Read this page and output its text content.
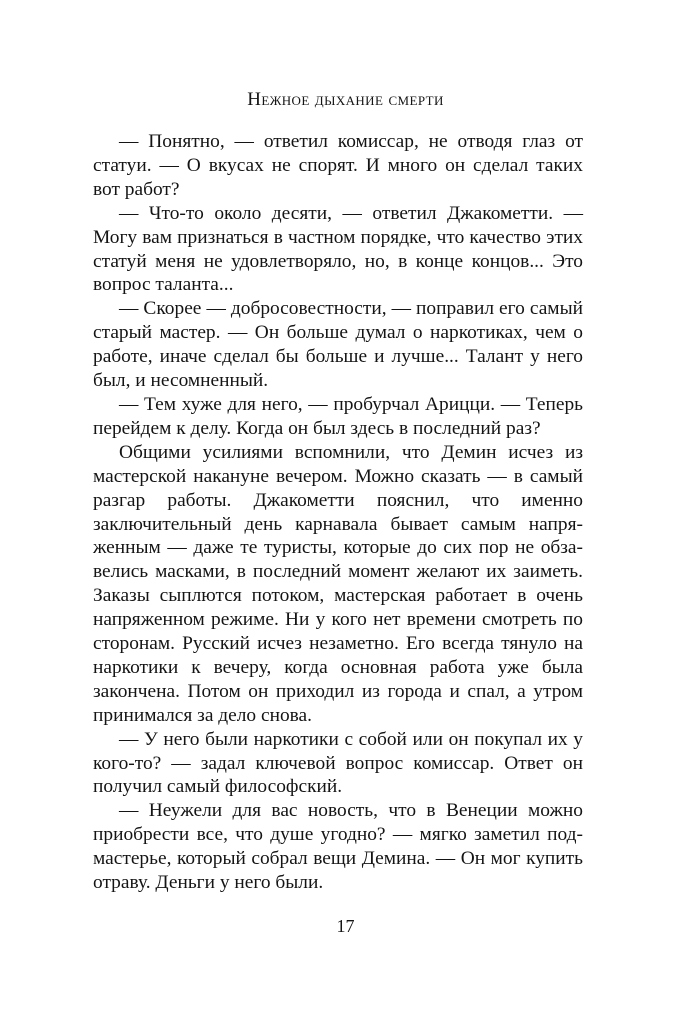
Нежное дыхание смерти

— Понятно, — ответил комиссар, не отводя глаз от статуи. — О вкусах не спорят. И много он сделал таких вот работ?

— Что-то около десяти, — ответил Джакометти. — Могу вам признаться в частном порядке, что качество этих статуй меня не удовлетворяло, но, в конце концов... Это вопрос таланта...

— Скорее — добросовестности, — поправил его самый старый мастер. — Он больше думал о наркотиках, чем о работе, иначе сделал бы больше и лучше... Талант у него был, и несомненный.

— Тем хуже для него, — пробурчал Арицци. — Теперь перейдем к делу. Когда он был здесь в последний раз?

Общими усилиями вспомнили, что Демин исчез из мастерской накануне вечером. Можно сказать — в самый разгар работы. Джакометти пояснил, что именно заключительный день карнавала бывает самым напряженным — даже те туристы, которые до сих пор не обзавелись масками, в последний момент желают их заиметь. Заказы сыплются потоком, мастерская работает в очень напряженном режиме. Ни у кого нет времени смотреть по сторонам. Русский исчез незаметно. Его всегда тянуло на наркотики к вечеру, когда основная работа уже была закончена. Потом он приходил из города и спал, а утром принимался за дело снова.

— У него были наркотики с собой или он покупал их у кого-то? — задал ключевой вопрос комиссар. Ответ он получил самый философский.

— Неужели для вас новость, что в Венеции можно приобрести все, что душе угодно? — мягко заметил подмастерье, который собрал вещи Демина. — Он мог купить отраву. Деньги у него были.

17
